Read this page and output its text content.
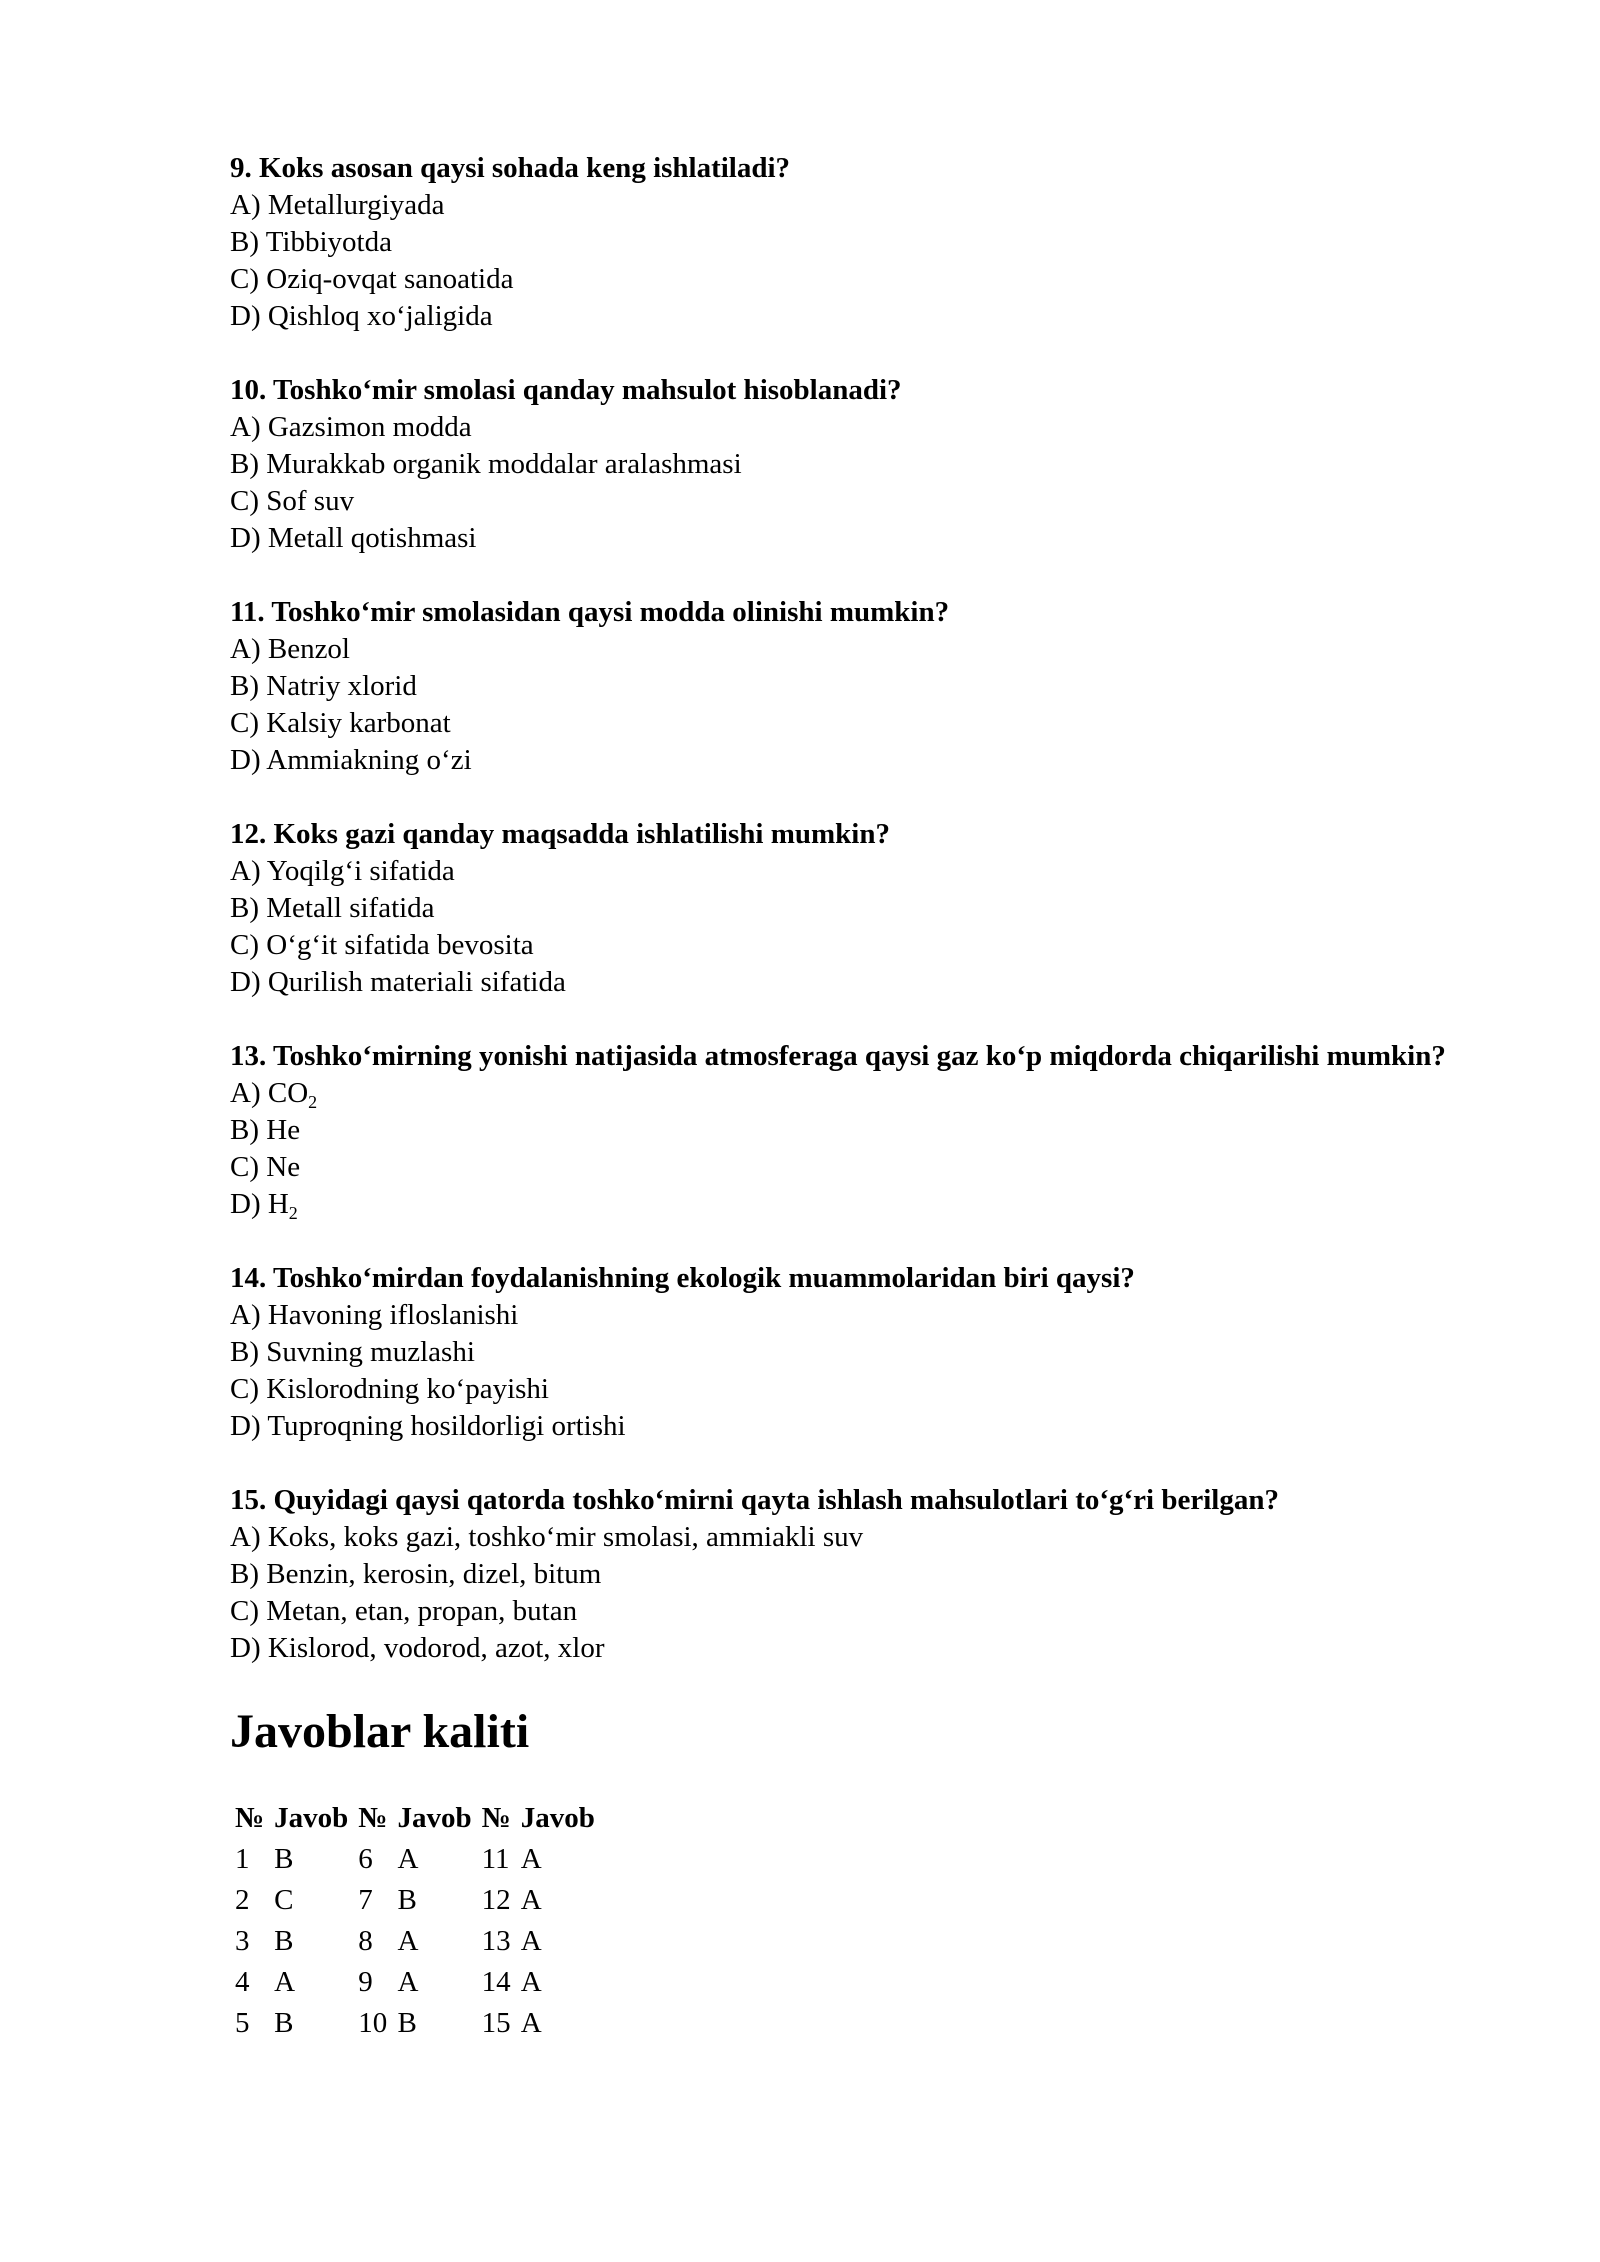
9. Koks asosan qaysi sohada keng ishlatiladi?
A) Metallurgiyada
B) Tibbiyotda
C) Oziq-ovqat sanoatida
D) Qishloq xo‘jaligida
10. Toshko‘mir smolasi qanday mahsulot hisoblanadi?
A) Gazsimon modda
B) Murakkab organik moddalar aralashmasi
C) Sof suv
D) Metall qotishmasi
11. Toshko‘mir smolasidan qaysi modda olinishi mumkin?
A) Benzol
B) Natriy xlorid
C) Kalsiy karbonat
D) Ammiakning o‘zi
12. Koks gazi qanday maqsadda ishlatilishi mumkin?
A) Yoqilg‘i sifatida
B) Metall sifatida
C) O‘g‘it sifatida bevosita
D) Qurilish materiali sifatida
13. Toshko‘mirning yonishi natijasida atmosferaga qaysi gaz ko‘p miqdorda chiqarilishi mumkin?
A) $CO_2$
B) He
C) Ne
D) $H_2$
14. Toshko‘mirdan foydalanishning ekologik muammolaridan biri qaysi?
A) Havoning ifloslanishi
B) Suvning muzlashi
C) Kislorodning ko‘payishi
D) Tuproqning hosildorligi ortishi
15. Quyidagi qaysi qatorda toshko‘mirni qayta ishlash mahsulotlari to‘g‘ri berilgan?
A) Koks, koks gazi, toshko‘mir smolasi, ammiakli suv
B) Benzin, kerosin, dizel, bitum
C) Metan, etan, propan, butan
D) Kislorod, vodorod, azot, xlor
Javoblar kaliti
№	Javob	№	Javob	№	Javob
1	B	6	A	11	A
2	C	7	B	12	A
3	B	8	A	13	A
4	A	9	A	14	A
5	B	10	B	15	A
